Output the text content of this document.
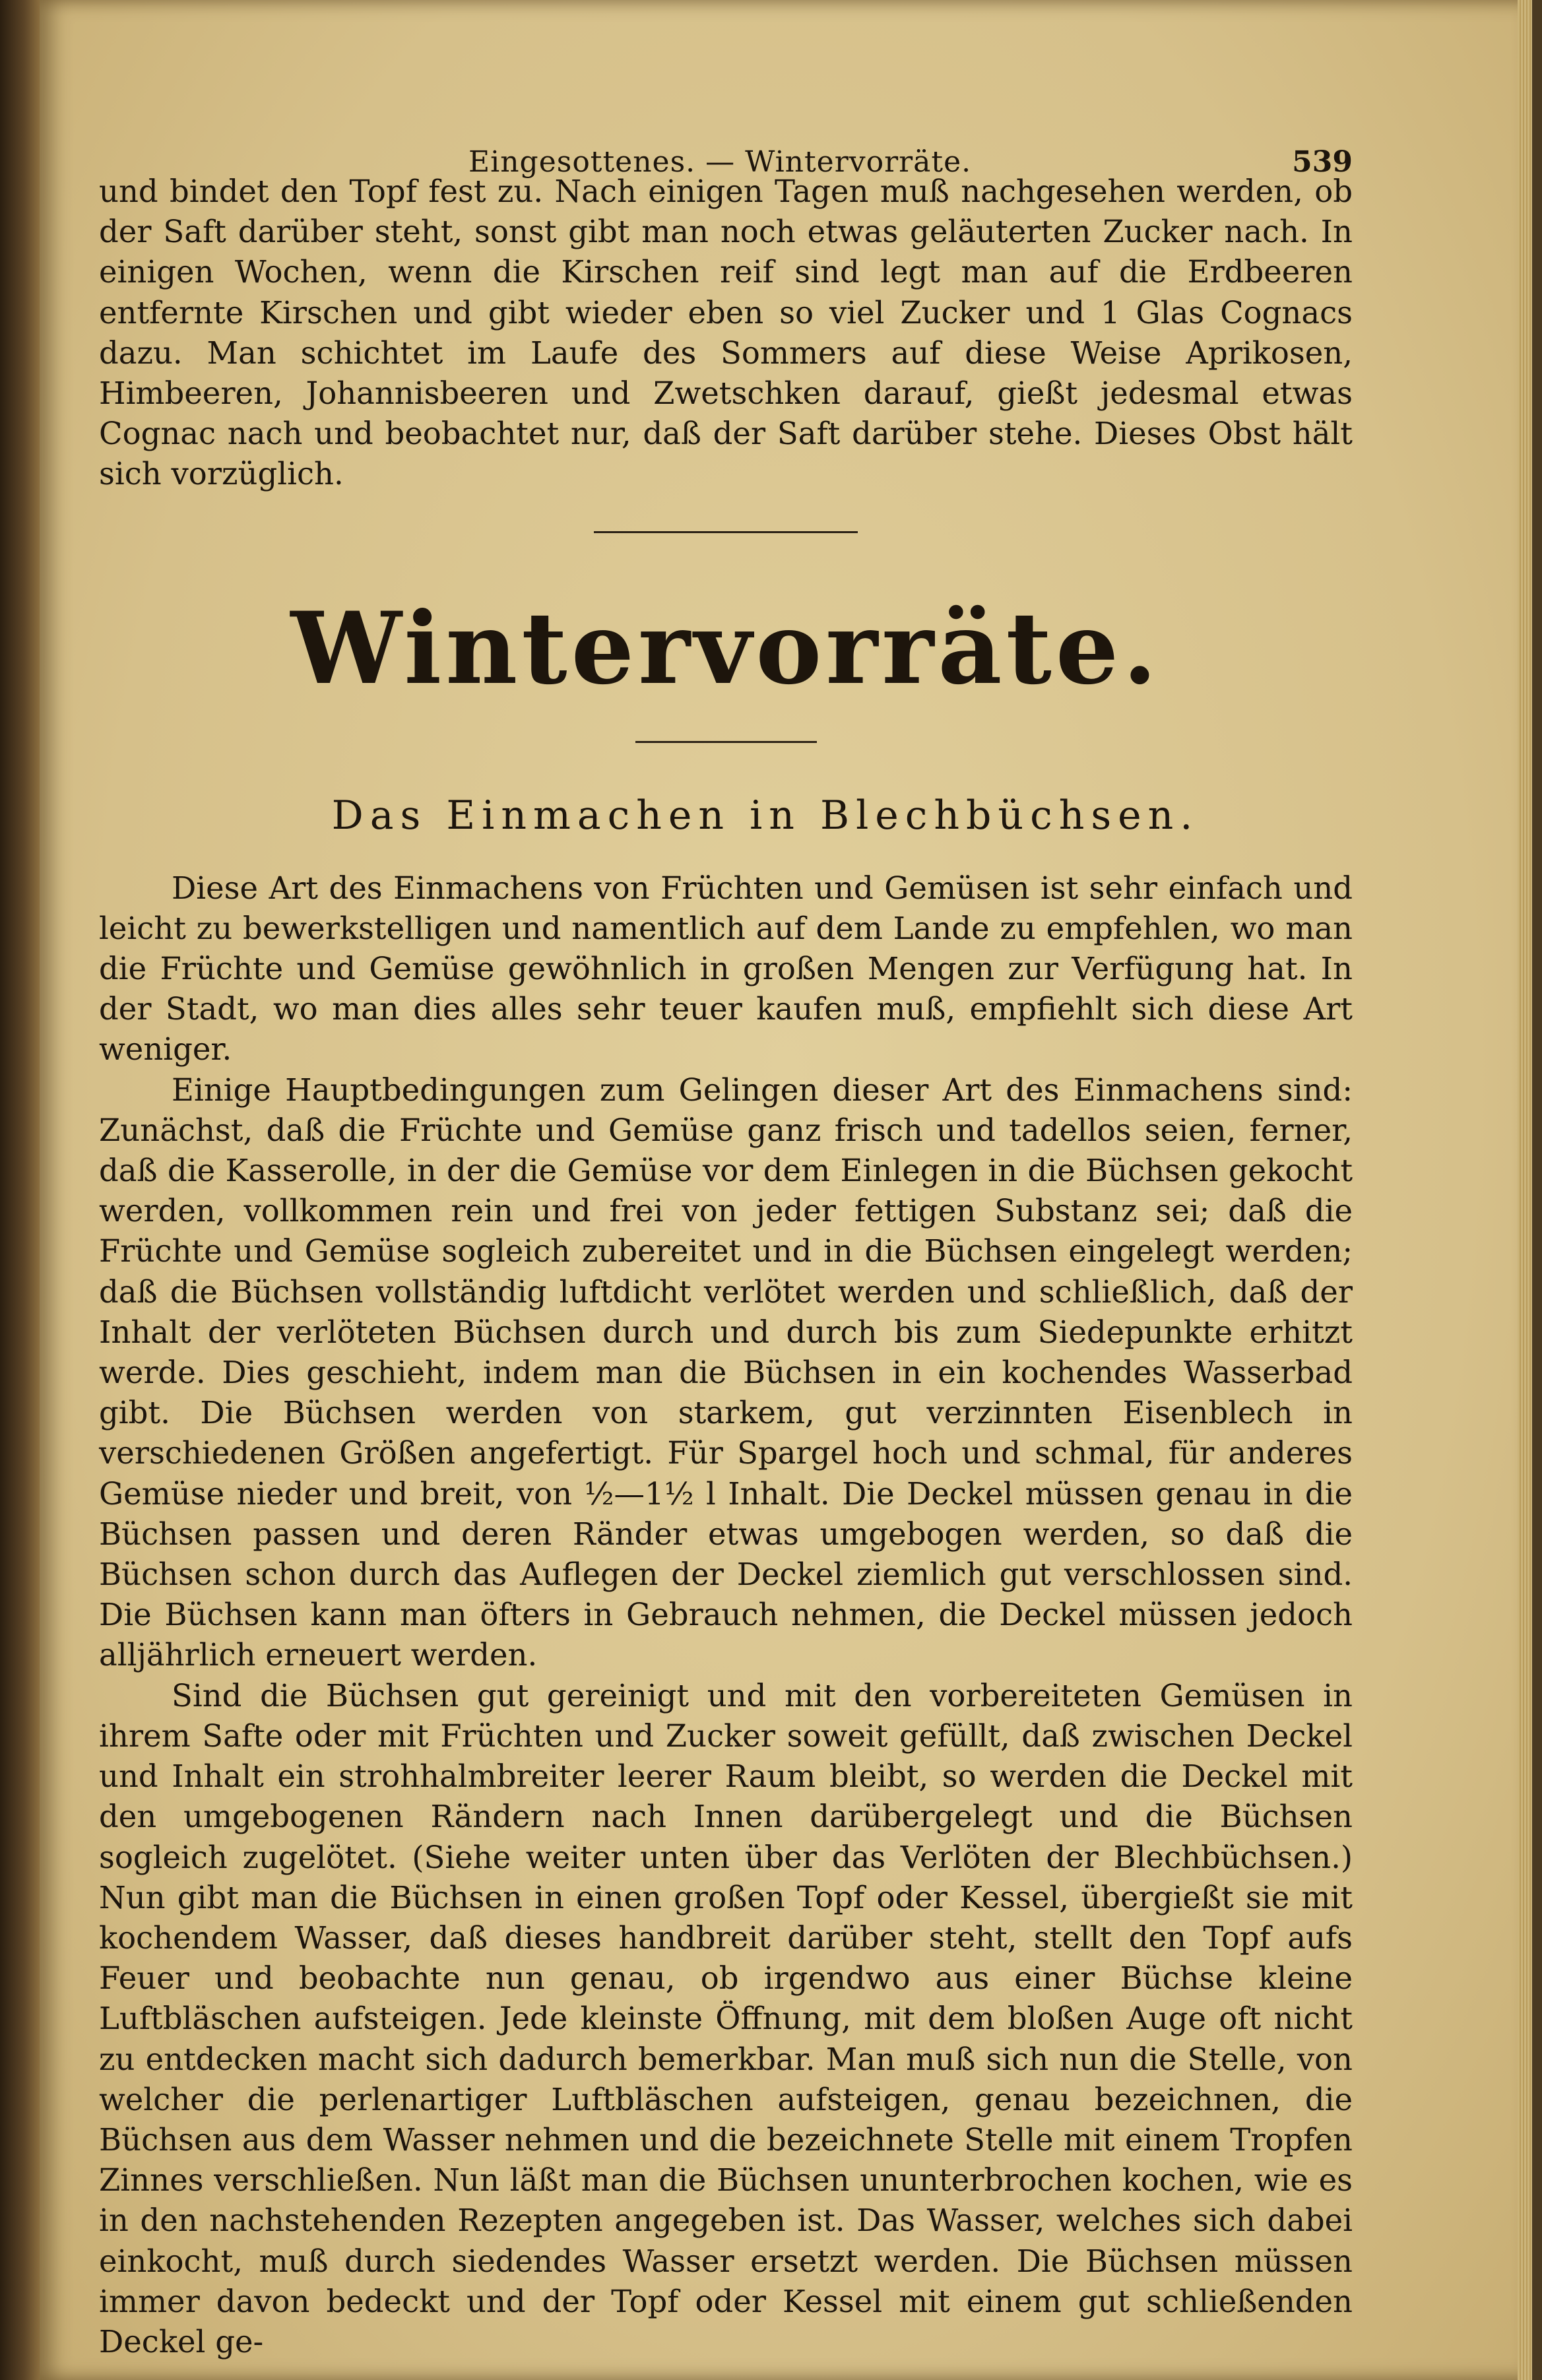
Eingesottenes. — Wintervorräte.	539

und bindet den Topf fest zu. Nach einigen Tagen muß nachgesehen werden, ob der Saft darüber steht, sonst gibt man noch etwas geläuterten Zucker nach. In einigen Wochen, wenn die Kirschen reif sind legt man auf die Erdbeeren entfernte Kirschen und gibt wieder eben so viel Zucker und 1 Glas Cognacs dazu. Man schichtet im Laufe des Sommers auf diese Weise Aprikosen, Himbeeren, Johannisbeeren und Zwetschken darauf, gießt jedesmal etwas Cognac nach und beobachtet nur, daß der Saft darüber stehe. Dieses Obst hält sich vorzüglich.

Wintervorräte.
Das Einmachen in Blechbüchsen.

Diese Art des Einmachens von Früchten und Gemüsen ist sehr einfach und leicht zu bewerkstelligen und namentlich auf dem Lande zu empfehlen, wo man die Früchte und Gemüse gewöhnlich in großen Mengen zur Verfügung hat. In der Stadt, wo man dies alles sehr teuer kaufen muß, empfiehlt sich diese Art weniger.

Einige Hauptbedingungen zum Gelingen dieser Art des Einmachens sind: Zunächst, daß die Früchte und Gemüse ganz frisch und tadellos seien, ferner, daß die Kasserolle, in der die Gemüse vor dem Einlegen in die Büchsen gekocht werden, vollkommen rein und frei von jeder fettigen Substanz sei; daß die Früchte und Gemüse sogleich zubereitet und in die Büchsen eingelegt werden; daß die Büchsen vollständig luftdicht verlötet werden und schließlich, daß der Inhalt der verlöteten Büchsen durch und durch bis zum Siedepunkte erhitzt werde. Dies geschieht, indem man die Büchsen in ein kochendes Wasserbad gibt. Die Büchsen werden von starkem, gut verzinnten Eisenblech in verschiedenen Größen angefertigt. Für Spargel hoch und schmal, für anderes Gemüse nieder und breit, von ½—1½ l Inhalt. Die Deckel müssen genau in die Büchsen passen und deren Ränder etwas umgebogen werden, so daß die Büchsen schon durch das Auflegen der Deckel ziemlich gut verschlossen sind. Die Büchsen kann man öfters in Gebrauch nehmen, die Deckel müssen jedoch alljährlich erneuert werden.

Sind die Büchsen gut gereinigt und mit den vorbereiteten Gemüsen in ihrem Safte oder mit Früchten und Zucker soweit gefüllt, daß zwischen Deckel und Inhalt ein strohhalmbreiter leerer Raum bleibt, so werden die Deckel mit den umgebogenen Rändern nach Innen darübergelegt und die Büchsen sogleich zugelötet. (Siehe weiter unten über das Verlöten der Blechbüchsen.) Nun gibt man die Büchsen in einen großen Topf oder Kessel, übergießt sie mit kochendem Wasser, daß dieses handbreit darüber steht, stellt den Topf aufs Feuer und beobachte nun genau, ob irgendwo aus einer Büchse kleine Luftbläschen aufsteigen. Jede kleinste Öffnung, mit dem bloßen Auge oft nicht zu entdecken macht sich dadurch bemerkbar. Man muß sich nun die Stelle, von welcher die perlenartiger Luftbläschen aufsteigen, genau bezeichnen, die Büchsen aus dem Wasser nehmen und die bezeichnete Stelle mit einem Tropfen Zinnes verschließen. Nun läßt man die Büchsen ununterbrochen kochen, wie es in den nachstehenden Rezepten angegeben ist. Das Wasser, welches sich dabei einkocht, muß durch siedendes Wasser ersetzt werden. Die Büchsen müssen immer davon bedeckt und der Topf oder Kessel mit einem gut schließenden Deckel ge-
